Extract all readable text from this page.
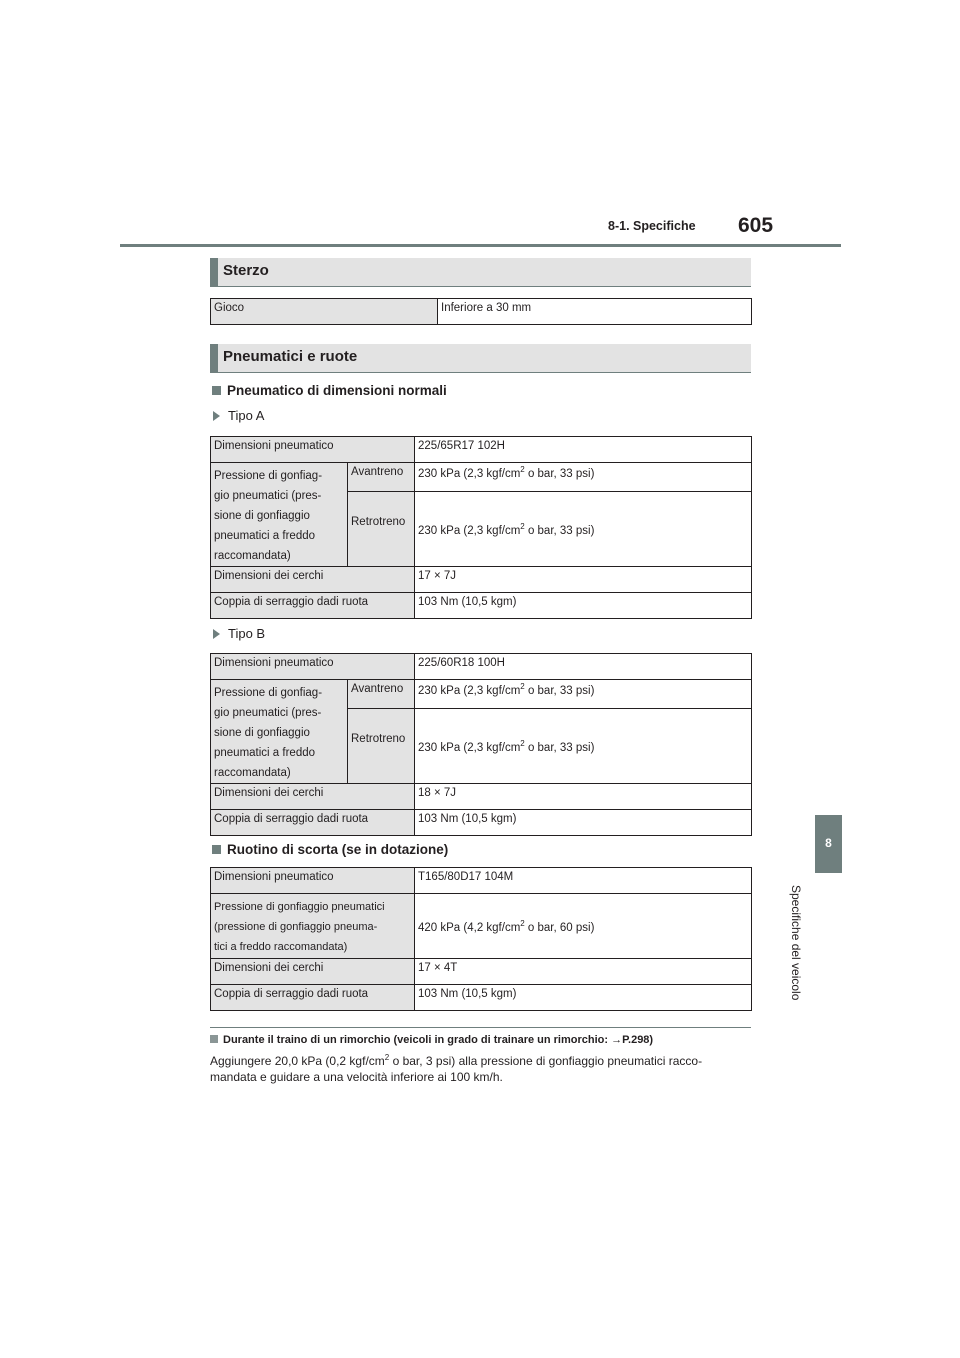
8-1. Specifiche 605
8
Specifiche del veicolo
Sterzo
Gioco	Inferiore a 30 mm
Pneumatici e ruote
Pneumatico di dimensioni normali
Tipo A
Dimensioni pneumatico		225/65R17 102H

Pressione di gonfiag-
gio pneumatici (pres-
sione di gonfiaggio
pneumatici a freddo
raccomandata)	Avantreno	230 kPa (2,3 kgf/$cm^2$ o bar, 33 psi)
	Retrotreno	230 kPa (2,3 kgf/$cm^2$ o bar, 33 psi)
Dimensioni dei cerchi		17 × 7J
Coppia di serraggio dadi ruota		103 Nm (10,5 kgm)
Tipo B
Dimensioni pneumatico		225/60R18 100H

Pressione di gonfiag-
gio pneumatici (pres-
sione di gonfiaggio
pneumatici a freddo
raccomandata)	Avantreno	230 kPa (2,3 kgf/$cm^2$ o bar, 33 psi)
	Retrotreno	230 kPa (2,3 kgf/$cm^2$ o bar, 33 psi)
Dimensioni dei cerchi		18 × 7J
Coppia di serraggio dadi ruota		103 Nm (10,5 kgm)
Ruotino di scorta (se in dotazione)
Dimensioni pneumatico	T165/80D17 104M

Pressione di gonfiaggio pneumatici
(pressione di gonfiaggio pneuma-
tici a freddo raccomandata)	420 kPa (4,2 kgf/$cm^2$ o bar, 60 psi)
Dimensioni dei cerchi	17 × 4T
Coppia di serraggio dadi ruota	103 Nm (10,5 kgm)
Durante il traino di un rimorchio (veicoli in grado di trainare un rimorchio: →P.298)
Aggiungere 20,0 kPa (0,2 kgf/$cm^2$ o bar, 3 psi) alla pressione di gonfiaggio pneumatici racco-
mandata e guidare a una velocità inferiore ai 100 km/h.
